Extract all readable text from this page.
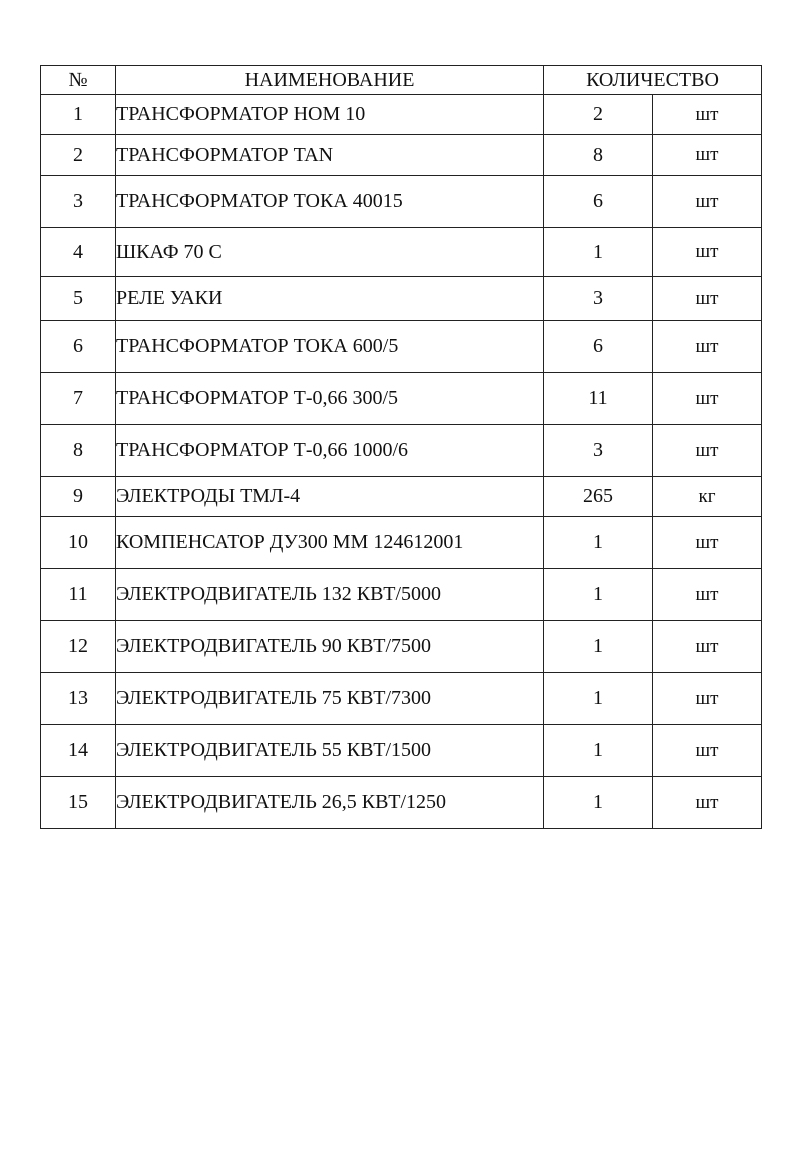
№	НАИМЕНОВАНИЕ	КОЛИЧЕСТВО	
1	ТРАНСФОРМАТОР НОМ 10	2	шт
2	ТРАНСФОРМАТОР TAN	8	шт
3	ТРАНСФОРМАТОР ТОКА 40015	6	шт
4	ШКАФ 70 С	1	шт
5	РЕЛЕ УАКИ	3	шт
6	ТРАНСФОРМАТОР ТОКА 600/5	6	шт
7	ТРАНСФОРМАТОР Т-0,66 300/5	11	шт
8	ТРАНСФОРМАТОР Т-0,66 1000/6	3	шт
9	ЭЛЕКТРОДЫ ТМЛ-4	265	кг
10	КОМПЕНСАТОР ДУ300 ММ 124612001	1	шт
11	ЭЛЕКТРОДВИГАТЕЛЬ 132 КВТ/5000	1	шт
12	ЭЛЕКТРОДВИГАТЕЛЬ 90 КВТ/7500	1	шт
13	ЭЛЕКТРОДВИГАТЕЛЬ 75 КВТ/7300	1	шт
14	ЭЛЕКТРОДВИГАТЕЛЬ 55 КВТ/1500	1	шт
15	ЭЛЕКТРОДВИГАТЕЛЬ 26,5 КВТ/1250	1	шт
